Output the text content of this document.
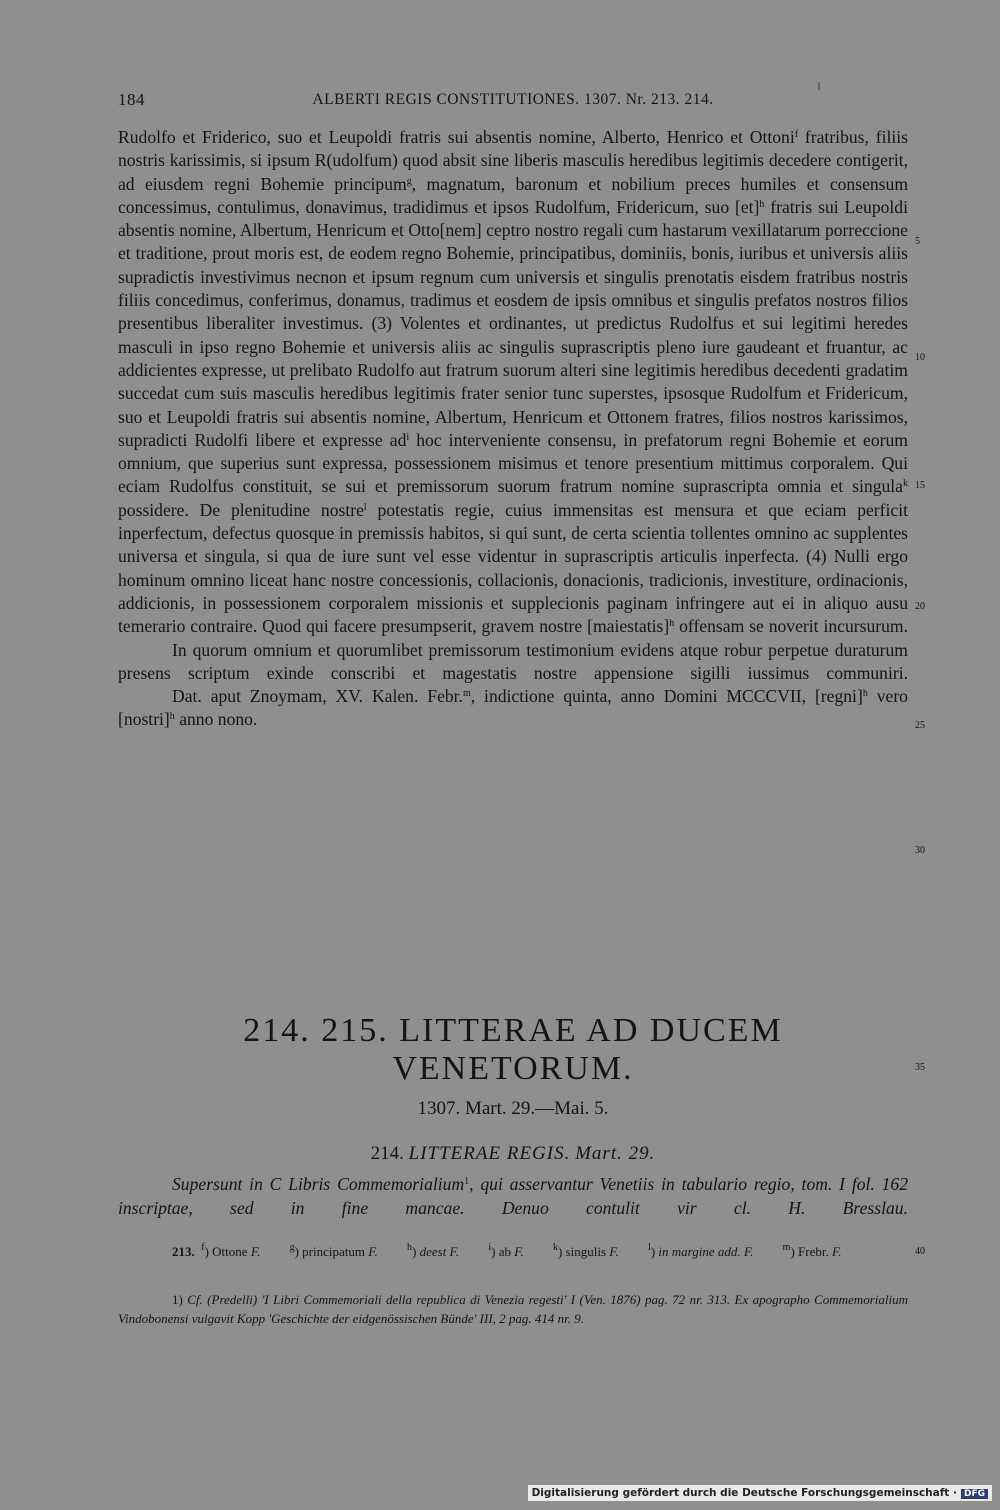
184	ALBERTI REGIS CONSTITUTIONES. 1307. Nr. 213. 214.

Rudolfo et Friderico, suo et Leupoldi fratris sui absentis nomine, Alberto, Henrico et Ottoni$^f$ fratribus, filiis nostris karissimis, si ipsum R(udolfum) quod absit sine liberis masculis heredibus legitimis decedere contigerit, ad eiusdem regni Bohemie principum$^g$, magnatum, baronum et nobilium preces humiles et consensum concessimus, contulimus, donavimus, tradidimus et ipsos Rudolfum, Fridericum, suo [et]$^h$ fratris sui Leupoldi absentis nomine, Albertum, Henricum et Otto[nem] ceptro nostro regali cum hastarum vexillatarum porreccione et traditione, prout moris est, de eodem regno Bohemie, principatibus, dominiis, bonis, iuribus et universis aliis supradictis investivimus necnon et ipsum regnum cum universis et singulis prenotatis eisdem fratribus nostris filiis concedimus, conferimus, donamus, tradimus et eosdem de ipsis omnibus et singulis prefatos nostros filios presentibus liberaliter investimus. (3) Volentes et ordinantes, ut predictus Rudolfus et sui legitimi heredes masculi in ipso regno Bohemie et universis aliis ac singulis suprascriptis pleno iure gaudeant et fruantur, ac addicientes expresse, ut prelibato Rudolfo aut fratrum suorum alteri sine legitimis heredibus decedenti gradatim succedat cum suis masculis heredibus legitimis frater senior tunc superstes, ipsosque Rudolfum et Fridericum, suo et Leupoldi fratris sui absentis nomine, Albertum, Henricum et Ottonem fratres, filios nostros karissimos, supradicti Rudolfi libere et expresse $ad^i$ hoc interveniente consensu, in prefatorum regni Bohemie et eorum omnium, que superius sunt expressa, possessionem misimus et tenore presentium mittimus corporalem. Qui eciam Rudolfus constituit, se sui et premissorum suorum fratrum nomine suprascripta omnia et singula$^k$ possidere. De plenitudine nostre$^l$ potestatis regie, cuius immensitas est mensura et que eciam perficit inperfectum, defectus quosque in premissis habitos, si qui sunt, de certa scientia tollentes omnino ac supplentes universa et singula, si qua de iure sunt vel esse videntur in suprascriptis articulis inperfecta. (4) Nulli ergo hominum omnino liceat hanc nostre concessionis, collacionis, donacionis, tradicionis, investiture, ordinacionis, addicionis, in possessionem corporalem missionis et supplecionis paginam infringere aut ei in aliquo ausu temerario contraire. Quod qui facere presumpserit, gravem nostre [maiestatis]$^h$ offensam se noverit incursurum.

In quorum omnium et quorumlibet premissorum testimonium evidens atque robur perpetue duraturum presens scriptum exinde conscribi et magestatis nostre appensione sigilli iussimus communiri.

Dat. aput Znoymam, XV. Kalen. Febr.$^m$, indictione quinta, anno Domini MCCCVII, [regni]$^h$ vero [nostri]$^h$ anno nono.

5
10
15
20
25
30
35
40
214. 215. LITTERAE AD DUCEM
VENETORUM.
1307. Mart. 29.—Mai. 5.
214. LITTERAE REGIS. Mart. 29.

Supersunt in C Libris Commemorialium$^1$, qui asservantur Venetiis in tabulario regio, tom. I fol. 162 inscriptae, sed in fine mancae. Denuo contulit vir cl. H. Bresslau.

213. $^f$) Ottone F.	$^g$) principatum F.	$^h$) deest F.	$^i$) ab F.	$^k$) singulis F.	$^l$) in margine add. F.	$^m$) Frebr. F.

1) Cf. (Predelli) 'I Libri Commemoriali della republica di Venezia regesti' I (Ven. 1876) pag. 72 nr. 313. Ex apographo Commemorialium Vindobonensi vulgavit Kopp 'Geschichte der eidgenössischen Bünde' III, 2 pag. 414 nr. 9.

Digitalisierung gefördert durch die Deutsche Forschungsgemeinschaft · DFG
